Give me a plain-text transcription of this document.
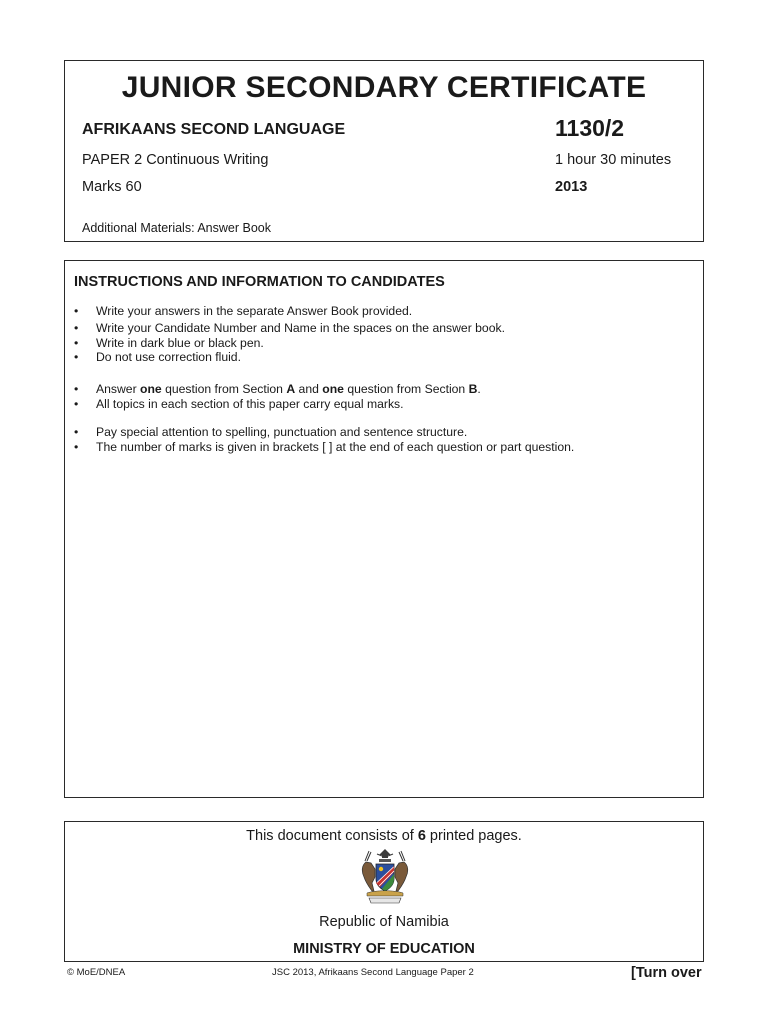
JUNIOR SECONDARY CERTIFICATE
AFRIKAANS SECOND LANGUAGE	1130/2
PAPER 2 Continuous Writing	1 hour 30 minutes
Marks 60	2013
Additional Materials: Answer Book
INSTRUCTIONS AND INFORMATION TO CANDIDATES
• Write your answers in the separate Answer Book provided.
• Write your Candidate Number and Name in the spaces on the answer book.
• Write in dark blue or black pen.
• Do not use correction fluid.
• Answer one question from Section A and one question from Section B.
• All topics in each section of this paper carry equal marks.
• Pay special attention to spelling, punctuation and sentence structure.
• The number of marks is given in brackets [ ] at the end of each question or part question.
This document consists of 6 printed pages.
Republic of Namibia
MINISTRY OF EDUCATION
© MoE/DNEA	JSC 2013, Afrikaans Second Language Paper 2	[Turn over
